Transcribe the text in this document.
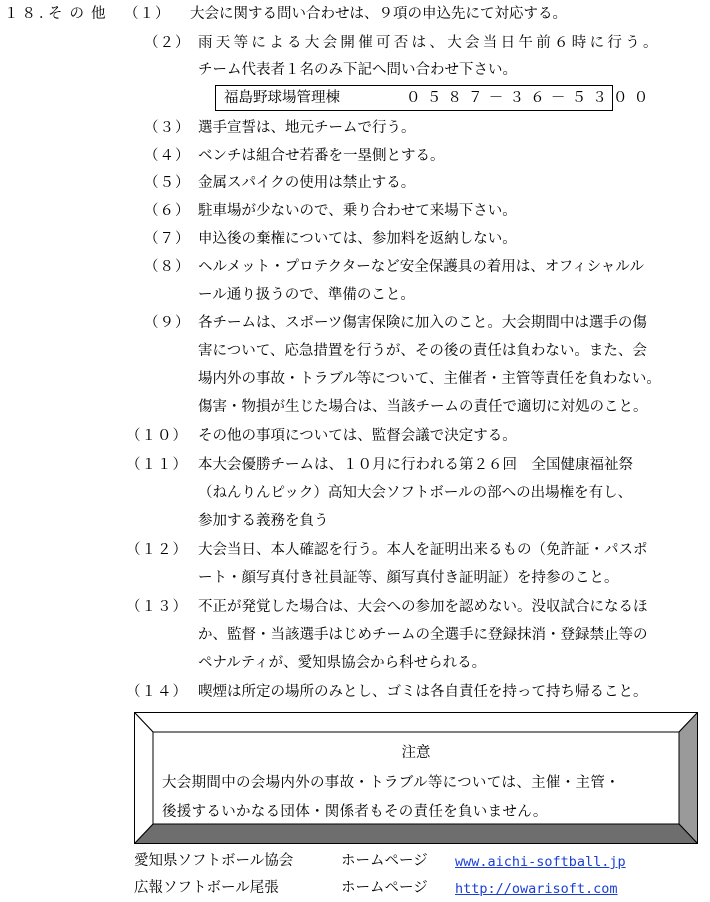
１８．
その他 （１） 大会に関する問い合わせは、９項の申込先にて対応する。
（２） 雨天等による大会開催可否は、大会当日午前６時に行う。
チーム代表者１名のみ下記へ問い合わせ下さい。
福島野球場管理棟	０５８７－３６－５３００
（３） 選手宣誓は、地元チームで行う。
（４） ベンチは組合せ若番を一塁側とする。
（５） 金属スパイクの使用は禁止する。
（６） 駐車場が少ないので、乗り合わせて来場下さい。
（７） 申込後の棄権については、参加料を返納しない。
（８） ヘルメット・プロテクターなど安全保護具の着用は、オフィシャルル
ール通り扱うので、準備のこと。
（９） 各チームは、スポーツ傷害保険に加入のこと。大会期間中は選手の傷
害について、応急措置を行うが、その後の責任は負わない。また、会
場内外の事故・トラブル等について、主催者・主管等責任を負わない。
傷害・物損が生じた場合は、当該チームの責任で適切に対処のこと。
（１０） その他の事項については、監督会議で決定する。
（１１） 本大会優勝チームは、１０月に行われる第２６回　全国健康福祉祭
（ねんりんピック）高知大会ソフトボールの部への出場権を有し、
参加する義務を負う
（１２） 大会当日、本人確認を行う。本人を証明出来るもの（免許証・パスポ
ート・顔写真付き社員証等、顔写真付き証明証）を持参のこと。
（１３） 不正が発覚した場合は、大会への参加を認めない。没収試合になるほ
か、監督・当該選手はじめチームの全選手に登録抹消・登録禁止等の
ペナルティが、愛知県協会から科せられる。
（１４） 喫煙は所定の場所のみとし、ゴミは各自責任を持って持ち帰ること。
注意
大会期間中の会場内外の事故・トラブル等については、主催・主管・
後援するいかなる団体・関係者もその責任を負いません。
愛知県ソフトボール協会	ホームページ www.aichi-softball.jp
広報ソフトボール尾張	ホームページ http://owarisoft.com
